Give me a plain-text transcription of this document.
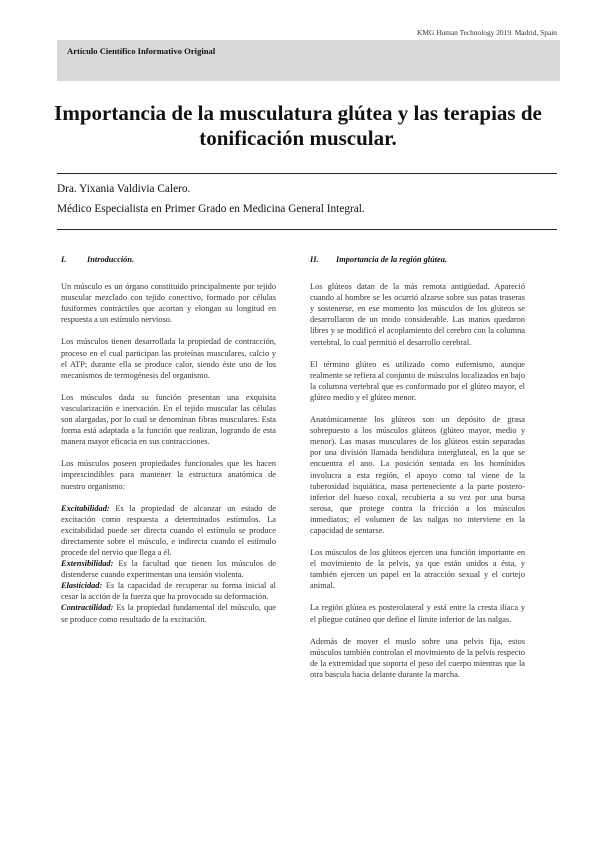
KMG Human Technology 2019. Madrid, Spain
Artículo Científico Informativo Original
Importancia de la musculatura glútea y las terapias de tonificación muscular.
Dra. Yixania Valdivia Calero.
Médico Especialista en Primer Grado en Medicina General Integral.
I. Introducción.

Un músculo es un órgano constituido principalmente por tejido muscular mezclado con tejido conectivo, formado por células fusiformes contráctiles que acortan y elongan su longitud en respuesta a un estímulo nervioso.

Los músculos tienen desarrollada la propiedad de contracción, proceso en el cual participan las proteínas musculares, calcio y el ATP; durante ella se produce calor, siendo éste uno de los mecanismos de termogénesis del organismo.

Los músculos dada su función presentan una exquisita vascularización e inervación. En el tejido muscular las células son alargadas, por lo cual se denominan fibras musculares. Esta forma está adaptada a la función que realizan, logrando de esta manera mayor eficacia en sus contracciones.

Los músculos poseen propiedades funcionales que les hacen imprescindibles para mantener la estructura anatómica de nuestro organismo:

Excitabilidad: Es la propiedad de alcanzar un estado de excitación como respuesta a determinados estímulos. La excitabilidad puede ser directa cuando el estímulo se produce directamente sobre el músculo, e indirecta cuando el estímulo procede del nervio que llega a él.

Extensibilidad: Es la facultad que tienen los músculos de distenderse cuando experimentan una tensión violenta.

Elasticidad: Es la capacidad de recuperar su forma inicial al cesar la acción de la fuerza que ha provocado su deformación.

Contractilidad: Es la propiedad fundamental del músculo, que se produce como resultado de la excitación.

II. Importancia de la región glútea.

Los glúteos datan de la más remota antigüedad. Apareció cuando al hombre se les ocurrió alzarse sobre sus patas traseras y sostenerse, en ese momento los músculos de los glúteos se desarrollaron de un modo considerable. Las manos quedaron libres y se modificó el acoplamiento del cerebro con la columna vertebral, lo cual permitió el desarrollo cerebral.

El término glúteo es utilizado como eufemismo, aunque realmente se refiera al conjunto de músculos localizados en bajo la columna vertebral que es conformado por el glúteo mayor, el glúteo medio y el glúteo menor.

Anatómicamente los glúteos son un depósito de grasa sobrepuesto a los músculos glúteos (glúteo mayor, medio y menor). Las masas musculares de los glúteos están separadas por una división llamada hendidura intergluteal, en la que se encuentra el ano. La posición sentada en los homínidos involucra a esta región, el apoyo como tal viene de la tuberosidad isquiática, masa perteneciente a la parte postero-inferior del hueso coxal, recubierta a su vez por una bursa serosa, que protege contra la fricción a los músculos inmediatos; el volumen de las nalgas no interviene en la capacidad de sentarse.

Los músculos de los glúteos ejercen una función importante en el movimiento de la pelvis, ya que están unidos a ésta, y también ejercen un papel en la atracción sexual y el cortejo animal.

La región glútea es posterolateral y está entre la cresta ilíaca y el pliegue cutáneo que define el límite inferior de las nalgas.

Además de mover el muslo sobre una pelvis fija, estos músculos también controlan el movimiento de la pelvis respecto de la extremidad que soporta el peso del cuerpo mientras que la otra bascula hacia delante durante la marcha.
